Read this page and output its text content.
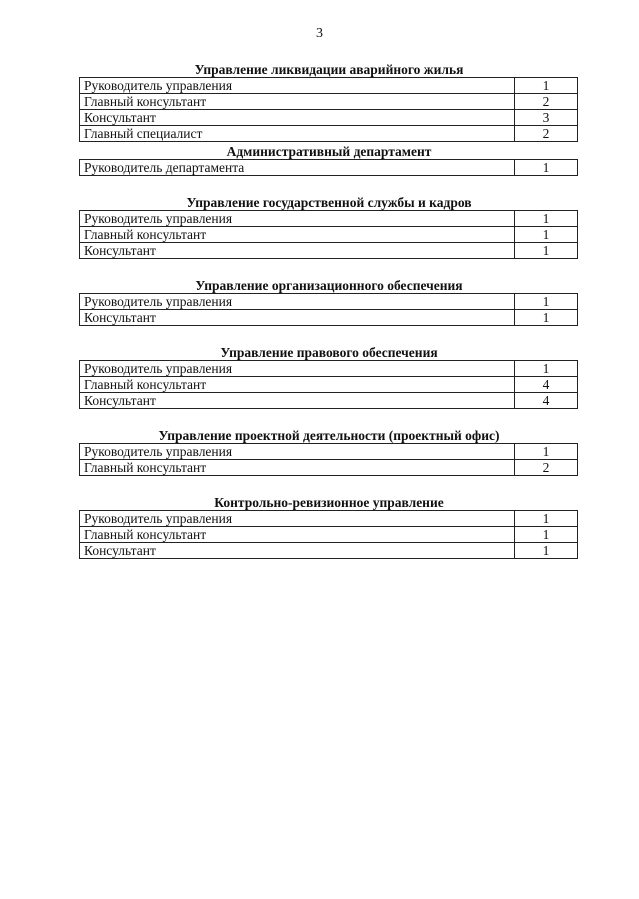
3
Управление ликвидации аварийного жилья
Руководитель управления	1
Главный консультант	2
Консультант	3
Главный специалист	2
Административный департамент
Руководитель департамента	1
Управление государственной службы и кадров
Руководитель управления	1
Главный консультант	1
Консультант	1
Управление организационного обеспечения
Руководитель управления	1
Консультант	1
Управление правового обеспечения
Руководитель управления	1
Главный консультант	4
Консультант	4
Управление проектной деятельности (проектный офис)
Руководитель управления	1
Главный консультант	2
Контрольно-ревизионное управление
Руководитель управления	1
Главный консультант	1
Консультант	1
